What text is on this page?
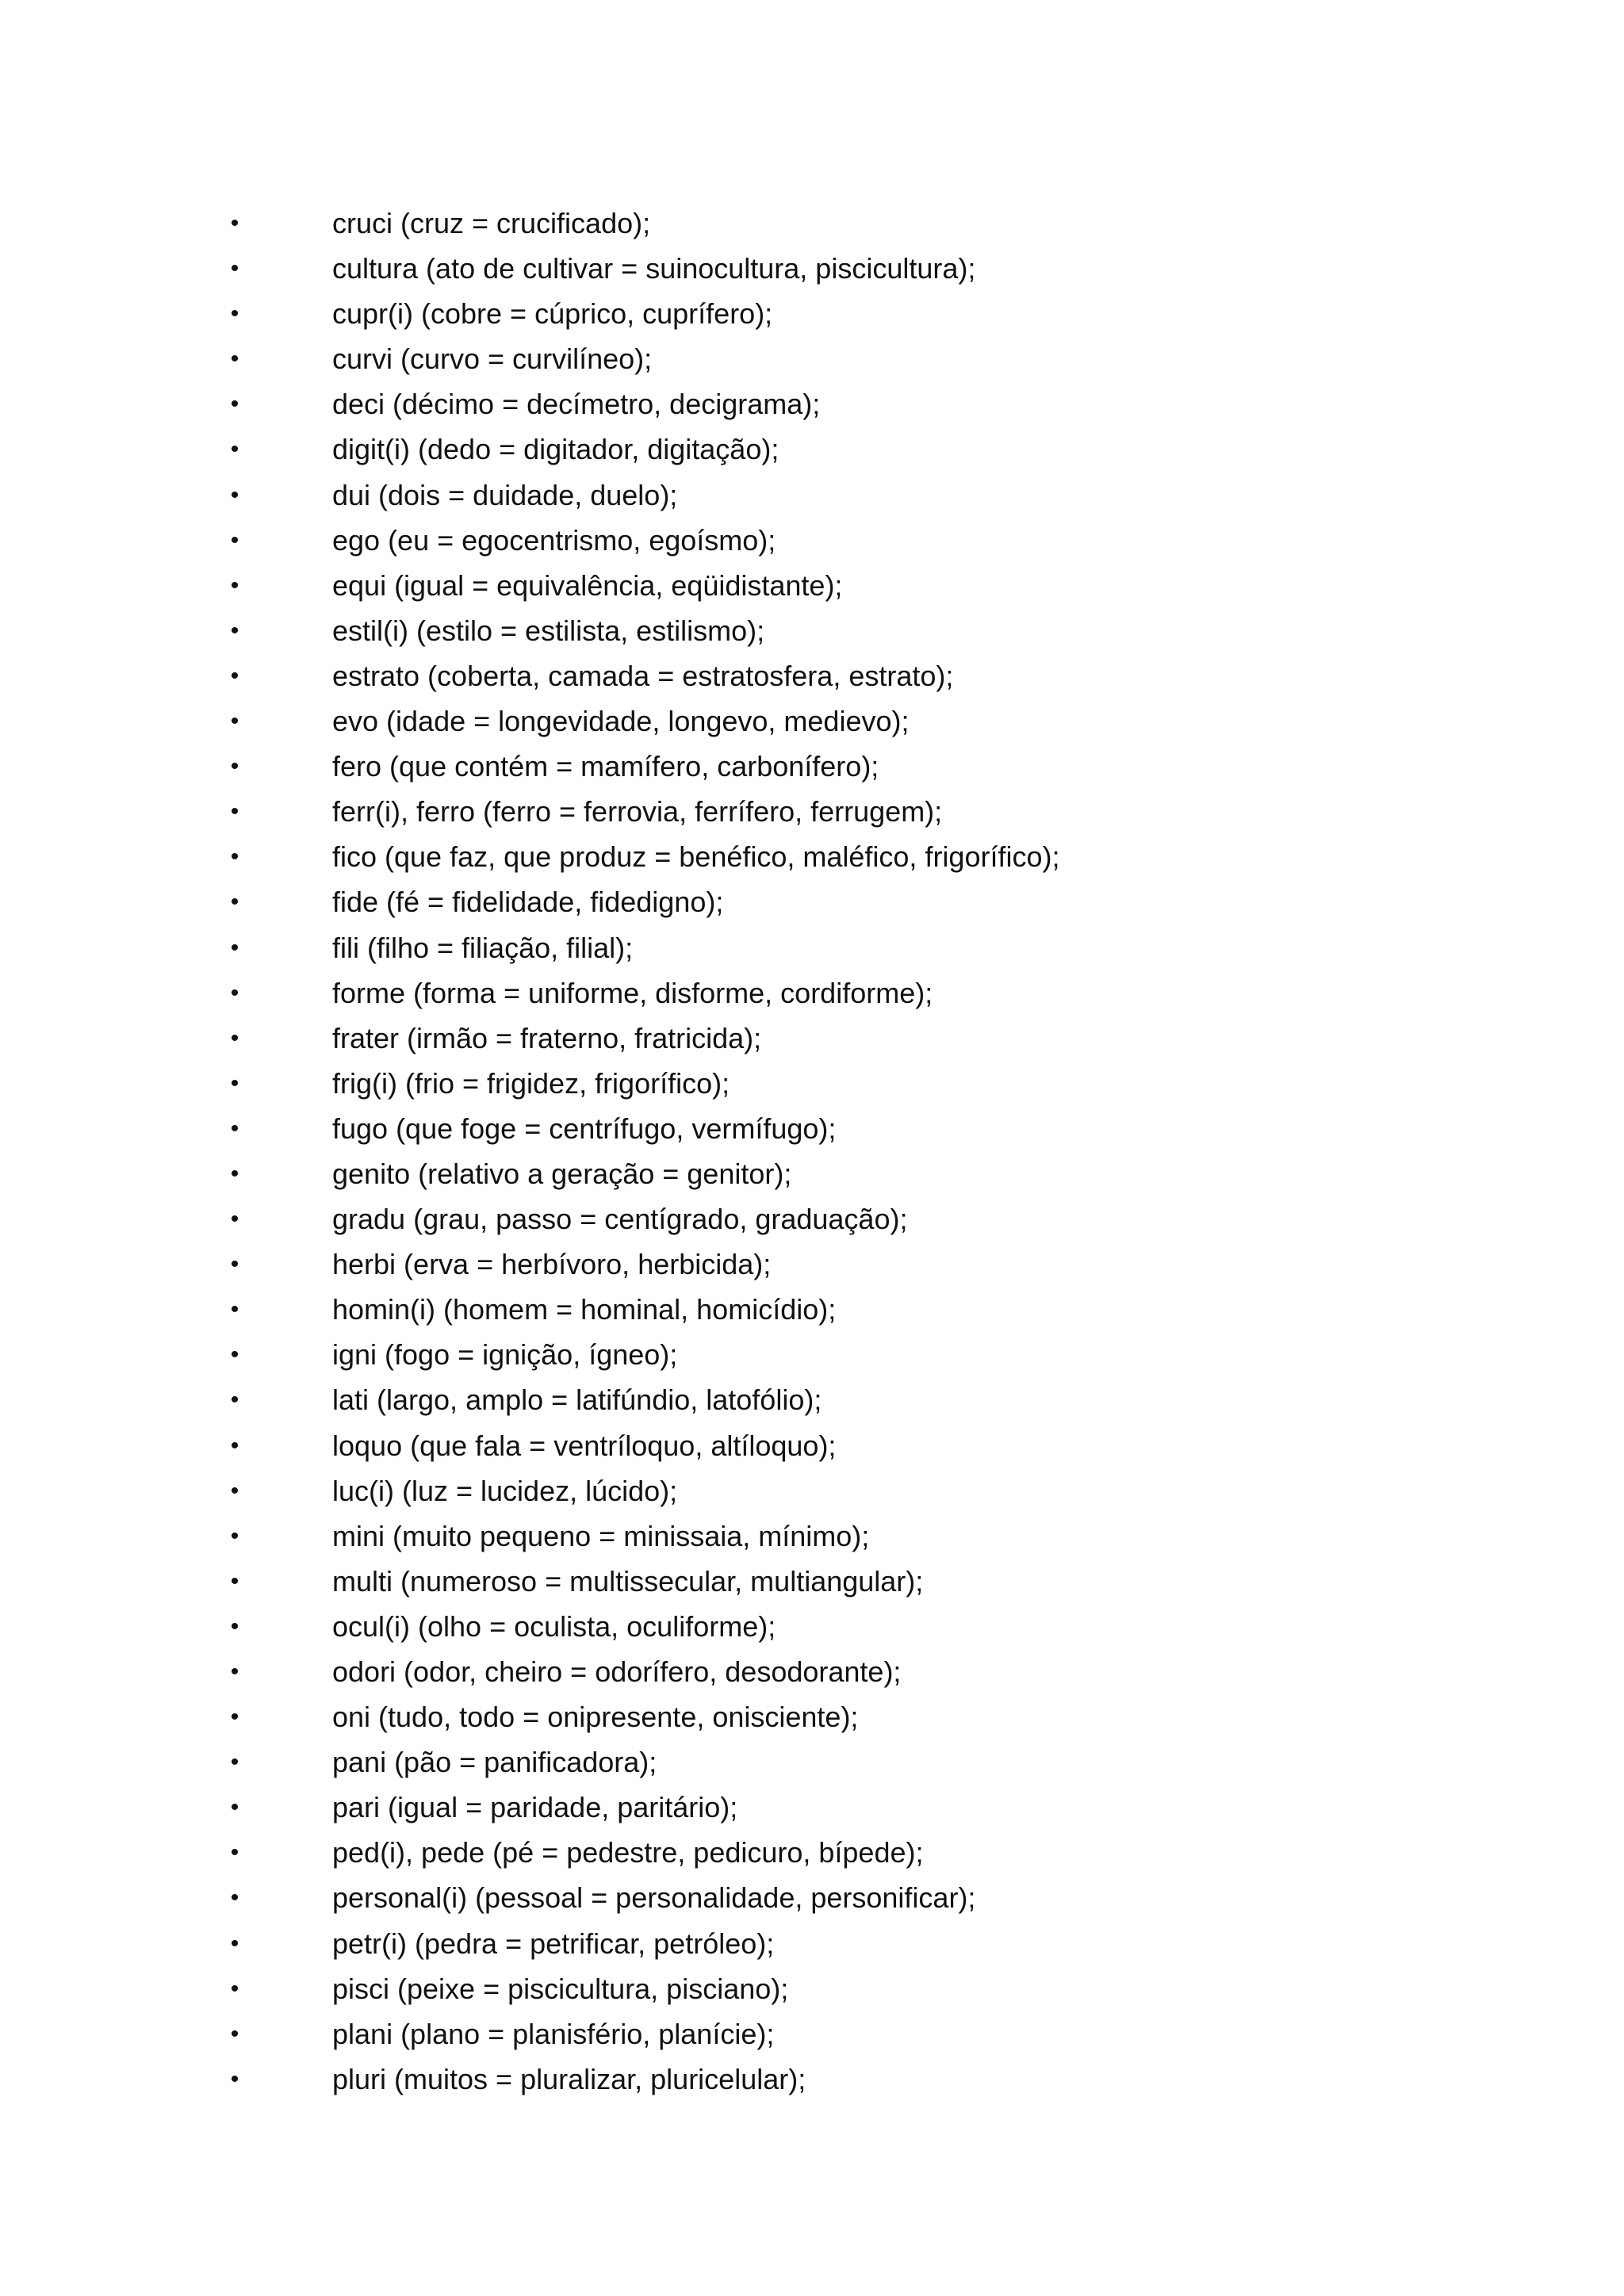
•	cruci (cruz = crucificado);
•	cultura (ato de cultivar = suinocultura, piscicultura);
•	cupr(i) (cobre = cúprico, cuprífero);
•	curvi (curvo = curvilíneo);
•	deci (décimo = decímetro, decigrama);
•	digit(i) (dedo = digitador, digitação);
•	dui (dois = duidade, duelo);
•	ego (eu = egocentrismo, egoísmo);
•	equi (igual = equivalência, eqüidistante);
•	estil(i) (estilo = estilista, estilismo);
•	estrato (coberta, camada = estratosfera, estrato);
•	evo (idade = longevidade, longevo, medievo);
•	fero (que contém = mamífero, carbonífero);
•	ferr(i), ferro (ferro = ferrovia, ferrífero, ferrugem);
•	fico (que faz, que produz = benéfico, maléfico, frigorífico);
•	fide (fé = fidelidade, fidedigno);
•	fili (filho = filiação, filial);
•	forme (forma = uniforme, disforme, cordiforme);
•	frater (irmão = fraterno, fratricida);
•	frig(i) (frio = frigidez, frigorífico);
•	fugo (que foge = centrífugo, vermífugo);
•	genito (relativo a geração = genitor);
•	gradu (grau, passo = centígrado, graduação);
•	herbi (erva = herbívoro, herbicida);
•	homin(i) (homem = hominal, homicídio);
•	igni (fogo = ignição, ígneo);
•	lati (largo, amplo = latifúndio, latofólio);
•	loquo (que fala = ventríloquo, altíloquo);
•	luc(i) (luz = lucidez, lúcido);
•	mini (muito pequeno = minissaia, mínimo);
•	multi (numeroso = multissecular, multiangular);
•	ocul(i) (olho = oculista, oculiforme);
•	odori (odor, cheiro = odorífero, desodorante);
•	oni (tudo, todo = onipresente, onisciente);
•	pani (pão = panificadora);
•	pari (igual = paridade, paritário);
•	ped(i), pede (pé = pedestre, pedicuro, bípede);
•	personal(i) (pessoal = personalidade, personificar);
•	petr(i) (pedra = petrificar, petróleo);
•	pisci (peixe = piscicultura, pisciano);
•	plani (plano = planisfério, planície);
•	pluri (muitos = pluralizar, pluricelular);
